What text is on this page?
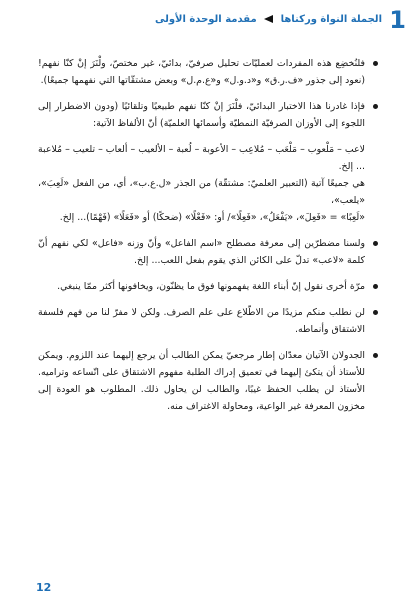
1
الجملة النواة وركناها  مقدمة الوحدة الأولى

فلنُخضِع هذه المفردات لعمليّات تحليل صرفيّ، بدائيّ، غير مختصّ، ولْنَرَ إنْ كنّا نفهم! (نعود إلى جذور «ف.ر.ق» و«د.و.ل» و«ع.م.ل» وبعض مشتقّاتها التي نفهمها جميعًا).

فإذا غادرنا هذا الاختبار البدائيّ، فلْنَرَ إنْ كنّا نفهم طبيعيًا وتلقائيًا (ودون الاضطرار إلى اللجوء إلى الأوزان الصرفيّة النمطيّة وأسمائها العلميّة) أنّ الألفاظ الآتية:

لاعب – مَلْعوب – مَلْعَب – مُلاعِب – الأعوبة – لُعبة – الألعيب – ألعاب – تلعيب – مُلاعبة ... إلخ.

هي جميعًا آتية (التعبير العلميّ: مشتقّة) من الجذر «ل.ع.ب»، أي، من الفعل «لَعِبَ»، «يلعب»،

«لَعِبًا» = «فَعِلَ»، «يَفْعَلُ»، «فَعِلًا»/ أو: «فَعْلًا» (ضحكًا) أو «فَعَلًا» (فَهْمًا)... إلخ.

ولسنا مضطرّين إلى معرفة مصطلح «اسم الفاعل» وأنّ وزنه «فاعل» لكي نفهم أنّ كلمة «لاعب» تدلّ على الكائن الذي يقوم بفعل اللعب... إلخ.

مرّة أخرى نقول إنّ أبناء اللغة يفهمونها فوق ما يظنّون، ويخافونها أكثر ممّا ينبغي.

لن نطلب منكم مزيدًا من الاطّلاع على علم الصرف. ولكن لا مفرّ لنا من فهم فلسفة الاشتقاق وأنماطه.

الجدولان الآتيان معدّان إطار مرجعيّ يمكن الطالب أن يرجع إليهما عند اللزوم. ويمكن للأستاذ أن يتكئ إليهما في تعميق إدراك الطلبة مفهوم الاشتقاق على اتّساعه وتراميه. الأستاذ لن يطلب الحفظ غيبًا، والطالب لن يحاول ذلك. المطلوب هو العودة إلى مخزون المعرفة غير الواعية، ومحاولة الاغتراف منه.

12
